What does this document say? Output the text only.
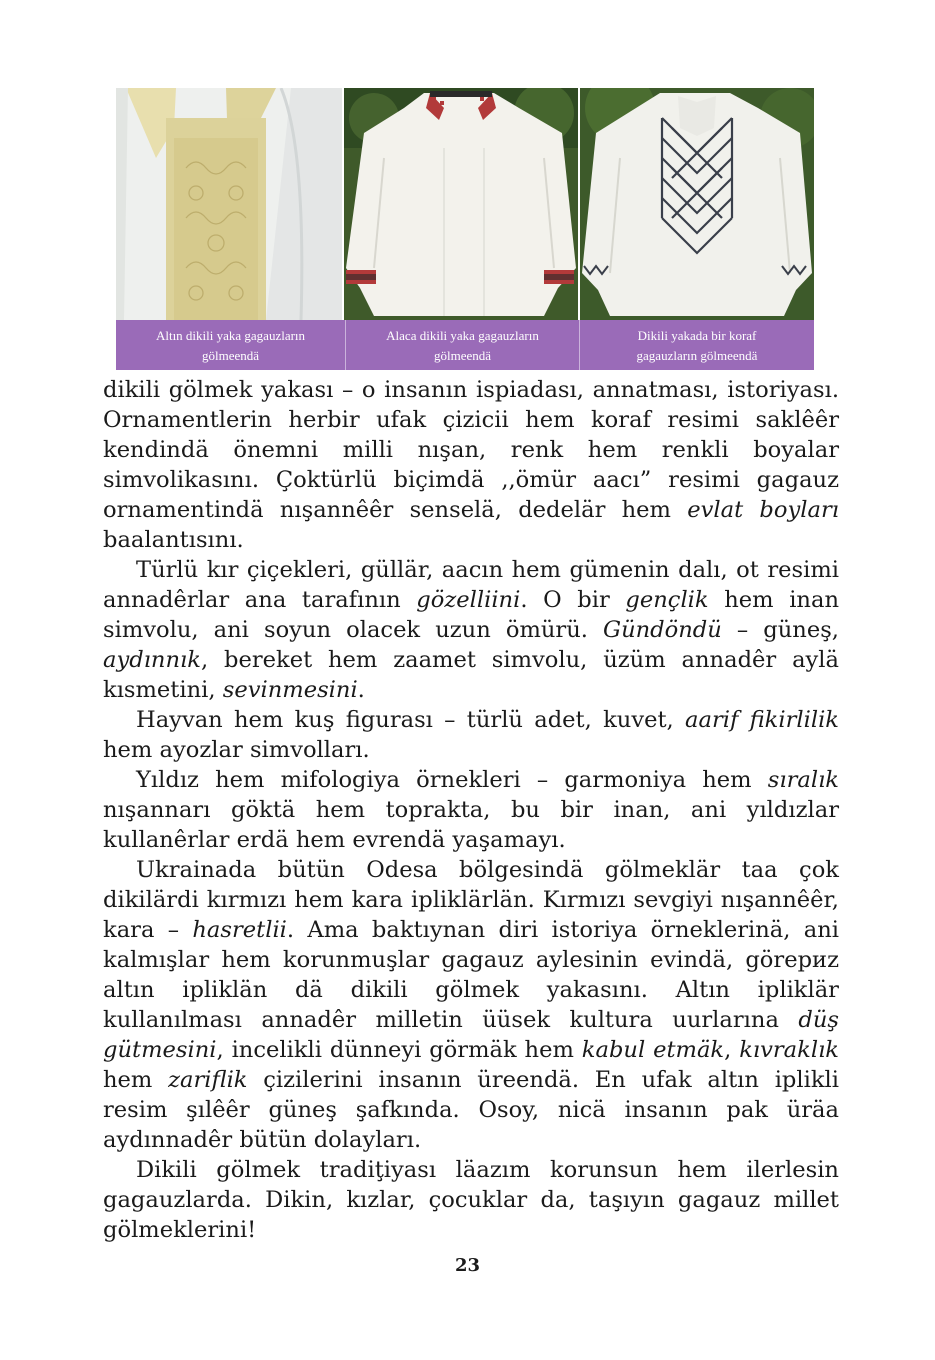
Altın dikili yaka gagauzların
gölmeendä
Alaca dikili yaka gagauzların
gölmeendä
Dikili yakada bir koraf
gagauzların gölmeendä

dikili gölmek yakası – o insanın ispiadası, annatması, istoriyası. Ornamentlerin herbir ufak çizicii hem koraf resimi saklêêr kendindä önemni milli nışan, renk hem renkli boyalar simvolikasını. Çoktürlü biçimdä ,,ömür aacı” resimi gagauz ornamentindä nışannêêr senselä, dedelär hem evlat boyları baalantısını.

Türlü kır çiçekleri, güllär, aacın hem gümenin dalı, ot resimi annadêrlar ana tarafının gözelliini. O bir gençlik hem inan simvolu, ani soyun olacek uzun ömürü. Gündöndü – güneş, aydınnık, bereket hem zaamet simvolu, üzüm annadêr aylä kısmetini, sevinmesini.

Hayvan hem kuş figurası – türlü adet, kuvet, aarif fikirlilik hem ayozlar simvolları.

Yıldız hem mifologiya örnekleri – garmoniya hem sıralık nışannarı göktä hem toprakta, bu bir inan, ani yıldızlar kullanêrlar erdä hem evrendä yaşamayı.

Ukrainada bütün Odesa bölgesindä gölmeklär taa çok dikilärdi kırmızı hem kara ipliklärlän. Kırmızı sevgiyi nışannêêr, kara – hasretlii. Ama baktıynan diri istoriya örneklerinä, ani kalmışlar hem korunmuşlar gagauz aylesinin evindä, görериz altın ipliklän dä dikili gölmek yakasını. Altın ipliklär kullanılması annadêr milletin üüsek kultura uurlarına düş gütmesini, incelikli dünneyi görmäk hem kabul etmäk, kıvraklık hem zariflik çizilerini insanın üreendä. En ufak altın iplikli resim şılêêr güneş şafkında. Osoy, nicä insanın pak üräa aydınnadêr bütün dolayları.

Dikili gölmek tradiţiyası läazım korunsun hem ilerlesin gagauzlarda. Dikin, kızlar, çocuklar da, taşıyın gagauz millet gölmeklerini!

23
